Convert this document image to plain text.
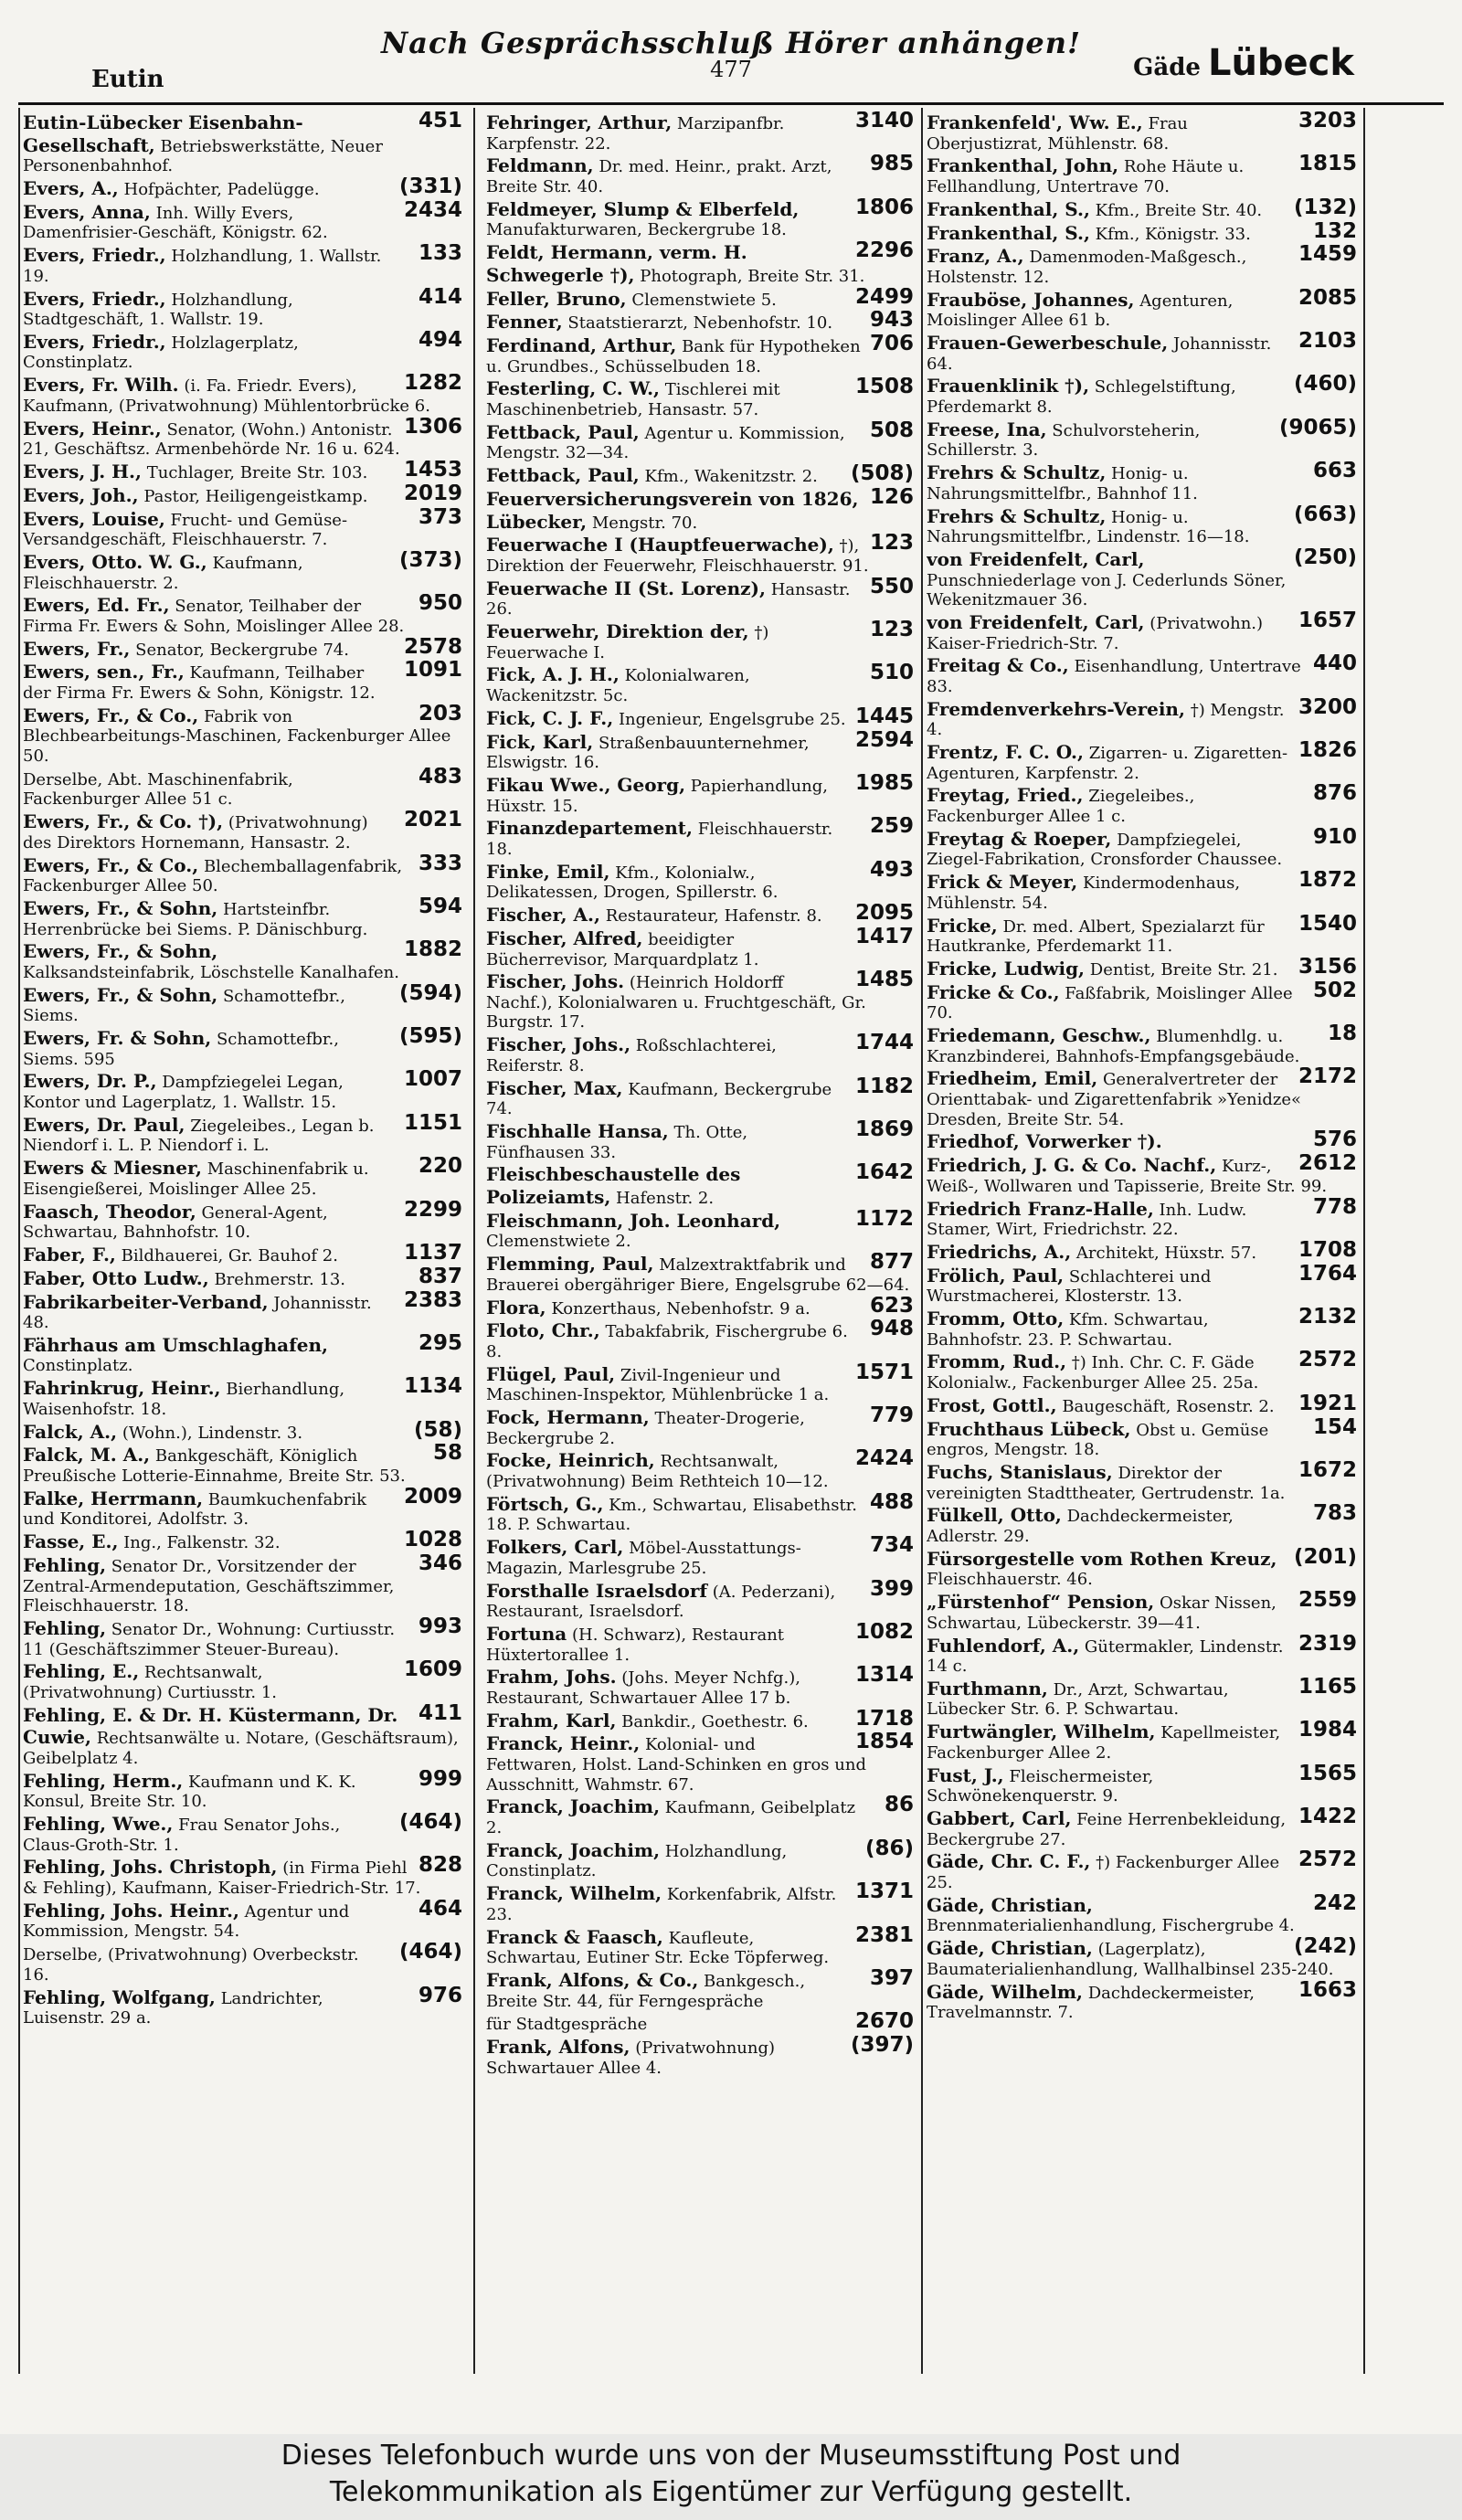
Nach Gesprächsschluß Hörer anhängen!
477
Eutin	Gäde Lübeck
451
Eutin-Lübecker Eisenbahn-Gesellschaft, Betriebswerkstätte, Neuer Personenbahnhof.
(331)
Evers, A., Hofpächter, Padelügge.
2434
Evers, Anna, Inh. Willy Evers, Damenfrisier-Geschäft, Königstr. 62.
133
Evers, Friedr., Holzhandlung, 1. Wallstr. 19.
414
Evers, Friedr., Holzhandlung, Stadtgeschäft, 1. Wallstr. 19.
494
Evers, Friedr., Holzlagerplatz, Constinplatz.
1282
Evers, Fr. Wilh. (i. Fa. Friedr. Evers), Kaufmann, (Privatwohnung) Mühlentorbrücke 6.
1306
Evers, Heinr., Senator, (Wohn.) Antonistr. 21, Geschäftsz. Armenbehörde Nr. 16 u. 624.
1453
Evers, J. H., Tuchlager, Breite Str. 103.
2019
Evers, Joh., Pastor, Heiligengeistkamp.
373
Evers, Louise, Frucht- und Gemüse-Versandgeschäft, Fleischhauerstr. 7.
(373)
Evers, Otto. W. G., Kaufmann, Fleischhauerstr. 2.
950
Ewers, Ed. Fr., Senator, Teilhaber der Firma Fr. Ewers & Sohn, Moislinger Allee 28.
2578
Ewers, Fr., Senator, Beckergrube 74.
1091
Ewers, sen., Fr., Kaufmann, Teilhaber der Firma Fr. Ewers & Sohn, Königstr. 12.
203
Ewers, Fr., & Co., Fabrik von Blechbearbeitungs-Maschinen, Fackenburger Allee 50.
483
Derselbe, Abt. Maschinenfabrik, Fackenburger Allee 51 c.
2021
Ewers, Fr., & Co. †), (Privatwohnung) des Direktors Hornemann, Hansastr. 2.
333
Ewers, Fr., & Co., Blechemballagenfabrik, Fackenburger Allee 50.
594
Ewers, Fr., & Sohn, Hartsteinfbr. Herrenbrücke bei Siems. P. Dänischburg.
1882
Ewers, Fr., & Sohn, Kalksandsteinfabrik, Löschstelle Kanalhafen.
(594)
Ewers, Fr., & Sohn, Schamottefbr., Siems.
(595)
Ewers, Fr. & Sohn, Schamottefbr., Siems. 595
1007
Ewers, Dr. P., Dampfziegelei Legan, Kontor und Lagerplatz, 1. Wallstr. 15.
1151
Ewers, Dr. Paul, Ziegeleibes., Legan b. Niendorf i. L. P. Niendorf i. L.
220
Ewers & Miesner, Maschinenfabrik u. Eisengießerei, Moislinger Allee 25.
2299
Faasch, Theodor, General-Agent, Schwartau, Bahnhofstr. 10.
1137
Faber, F., Bildhauerei, Gr. Bauhof 2.
837
Faber, Otto Ludw., Brehmerstr. 13.
2383
Fabrikarbeiter-Verband, Johannisstr. 48.
295
Fährhaus am Umschlaghafen, Constinplatz.
1134
Fahrinkrug, Heinr., Bierhandlung, Waisenhofstr. 18.
(58)
Falck, A., (Wohn.), Lindenstr. 3.
58
Falck, M. A., Bankgeschäft, Königlich Preußische Lotterie-Einnahme, Breite Str. 53.
2009
Falke, Herrmann, Baumkuchenfabrik und Konditorei, Adolfstr. 3.
1028
Fasse, E., Ing., Falkenstr. 32.
346
Fehling, Senator Dr., Vorsitzender der Zentral-Armendeputation, Geschäftszimmer, Fleischhauerstr. 18.
993
Fehling, Senator Dr., Wohnung: Curtiusstr. 11 (Geschäftszimmer Steuer-Bureau).
1609
Fehling, E., Rechtsanwalt, (Privatwohnung) Curtiusstr. 1.
411
Fehling, E. & Dr. H. Küstermann, Dr. Cuwie, Rechtsanwälte u. Notare, (Geschäftsraum), Geibelplatz 4.
999
Fehling, Herm., Kaufmann und K. K. Konsul, Breite Str. 10.
(464)
Fehling, Wwe., Frau Senator Johs., Claus-Groth-Str. 1.
828
Fehling, Johs. Christoph, (in Firma Piehl & Fehling), Kaufmann, Kaiser-Friedrich-Str. 17.
464
Fehling, Johs. Heinr., Agentur und Kommission, Mengstr. 54.
(464)
Derselbe, (Privatwohnung) Overbeckstr. 16.
976
Fehling, Wolfgang, Landrichter, Luisenstr. 29 a.
3140
Fehringer, Arthur, Marzipanfbr. Karpfenstr. 22.
985
Feldmann, Dr. med. Heinr., prakt. Arzt, Breite Str. 40.
1806
Feldmeyer, Slump & Elberfeld, Manufakturwaren, Beckergrube 18.
2296
Feldt, Hermann, verm. H. Schwegerle †), Photograph, Breite Str. 31.
2499
Feller, Bruno, Clemenstwiete 5.
943
Fenner, Staatstierarzt, Nebenhofstr. 10.
706
Ferdinand, Arthur, Bank für Hypotheken u. Grundbes., Schüsselbuden 18.
1508
Festerling, C. W., Tischlerei mit Maschinenbetrieb, Hansastr. 57.
508
Fettback, Paul, Agentur u. Kommission, Mengstr. 32—34.
(508)
Fettback, Paul, Kfm., Wakenitzstr. 2.
126
Feuerversicherungsverein von 1826, Lübecker, Mengstr. 70.
123
Feuerwache I (Hauptfeuerwache), †), Direktion der Feuerwehr, Fleischhauerstr. 91.
550
Feuerwache II (St. Lorenz), Hansastr. 26.
123
Feuerwehr, Direktion der, †) Feuerwache I.
510
Fick, A. J. H., Kolonialwaren, Wackenitzstr. 5c.
1445
Fick, C. J. F., Ingenieur, Engelsgrube 25.
2594
Fick, Karl, Straßenbauunternehmer, Elswigstr. 16.
1985
Fikau Wwe., Georg, Papierhandlung, Hüxstr. 15.
259
Finanzdepartement, Fleischhauerstr. 18.
493
Finke, Emil, Kfm., Kolonialw., Delikatessen, Drogen, Spillerstr. 6.
2095
Fischer, A., Restaurateur, Hafenstr. 8.
1417
Fischer, Alfred, beeidigter Bücherrevisor, Marquardplatz 1.
1485
Fischer, Johs. (Heinrich Holdorff Nachf.), Kolonialwaren u. Fruchtgeschäft, Gr. Burgstr. 17.
1744
Fischer, Johs., Roßschlachterei, Reiferstr. 8.
1182
Fischer, Max, Kaufmann, Beckergrube 74.
1869
Fischhalle Hansa, Th. Otte, Fünfhausen 33.
1642
Fleischbeschaustelle des Polizeiamts, Hafenstr. 2.
1172
Fleischmann, Joh. Leonhard, Clemenstwiete 2.
877
Flemming, Paul, Malzextraktfabrik und Brauerei obergähriger Biere, Engelsgrube 62—64.
623
Flora, Konzerthaus, Nebenhofstr. 9 a.
948
Floto, Chr., Tabakfabrik, Fischergrube 6. 8.
1571
Flügel, Paul, Zivil-Ingenieur und Maschinen-Inspektor, Mühlenbrücke 1 a.
779
Fock, Hermann, Theater-Drogerie, Beckergrube 2.
2424
Focke, Heinrich, Rechtsanwalt, (Privatwohnung) Beim Rethteich 10—12.
488
Förtsch, G., Km., Schwartau, Elisabethstr. 18. P. Schwartau.
734
Folkers, Carl, Möbel-Ausstattungs-Magazin, Marlesgrube 25.
399
Forsthalle Israelsdorf (A. Pederzani), Restaurant, Israelsdorf.
1082
Fortuna (H. Schwarz), Restaurant Hüxtertorallee 1.
1314
Frahm, Johs. (Johs. Meyer Nchfg.), Restaurant, Schwartauer Allee 17 b.
1718
Frahm, Karl, Bankdir., Goethestr. 6.
1854
Franck, Heinr., Kolonial- und Fettwaren, Holst. Land-Schinken en gros und Ausschnitt, Wahmstr. 67.
86
Franck, Joachim, Kaufmann, Geibelplatz 2.
(86)
Franck, Joachim, Holzhandlung, Constinplatz.
1371
Franck, Wilhelm, Korkenfabrik, Alfstr. 23.
2381
Franck & Faasch, Kaufleute, Schwartau, Eutiner Str. Ecke Töpferweg.
397
Frank, Alfons, & Co., Bankgesch., Breite Str. 44, für Ferngespräche
2670
für Stadtgespräche
(397)
Frank, Alfons, (Privatwohnung) Schwartauer Allee 4.
3203
Frankenfeld', Ww. E., Frau Oberjustizrat, Mühlenstr. 68.
1815
Frankenthal, John, Rohe Häute u. Fellhandlung, Untertrave 70.
(132)
Frankenthal, S., Kfm., Breite Str. 40.
132
Frankenthal, S., Kfm., Königstr. 33.
1459
Franz, A., Damenmoden-Maßgesch., Holstenstr. 12.
2085
Frauböse, Johannes, Agenturen, Moislinger Allee 61 b.
2103
Frauen-Gewerbeschule, Johannisstr. 64.
(460)
Frauenklinik †), Schlegelstiftung, Pferdemarkt 8.
(9065)
Freese, Ina, Schulvorsteherin, Schillerstr. 3.
663
Frehrs & Schultz, Honig- u. Nahrungsmittelfbr., Bahnhof 11.
(663)
Frehrs & Schultz, Honig- u. Nahrungsmittelfbr., Lindenstr. 16—18.
(250)
von Freidenfelt, Carl, Punschniederlage von J. Cederlunds Söner, Wekenitzmauer 36.
1657
von Freidenfelt, Carl, (Privatwohn.) Kaiser-Friedrich-Str. 7.
440
Freitag & Co., Eisenhandlung, Untertrave 83.
3200
Fremdenverkehrs-Verein, †) Mengstr. 4.
1826
Frentz, F. C. O., Zigarren- u. Zigaretten-Agenturen, Karpfenstr. 2.
876
Freytag, Fried., Ziegeleibes., Fackenburger Allee 1 c.
910
Freytag & Roeper, Dampfziegelei, Ziegel-Fabrikation, Cronsforder Chaussee.
1872
Frick & Meyer, Kindermodenhaus, Mühlenstr. 54.
1540
Fricke, Dr. med. Albert, Spezialarzt für Hautkranke, Pferdemarkt 11.
3156
Fricke, Ludwig, Dentist, Breite Str. 21.
502
Fricke & Co., Faßfabrik, Moislinger Allee 70.
18
Friedemann, Geschw., Blumenhdlg. u. Kranzbinderei, Bahnhofs-Empfangsgebäude.
2172
Friedheim, Emil, Generalvertreter der Orienttabak- und Zigarettenfabrik »Yenidze« Dresden, Breite Str. 54.
576
Friedhof, Vorwerker †).
2612
Friedrich, J. G. & Co. Nachf., Kurz-, Weiß-, Wollwaren und Tapisserie, Breite Str. 99.
778
Friedrich Franz-Halle, Inh. Ludw. Stamer, Wirt, Friedrichstr. 22.
1708
Friedrichs, A., Architekt, Hüxstr. 57.
1764
Frölich, Paul, Schlachterei und Wurstmacherei, Klosterstr. 13.
2132
Fromm, Otto, Kfm. Schwartau, Bahnhofstr. 23. P. Schwartau.
2572
Fromm, Rud., †) Inh. Chr. C. F. Gäde Kolonialw., Fackenburger Allee 25. 25a.
1921
Frost, Gottl., Baugeschäft, Rosenstr. 2.
154
Fruchthaus Lübeck, Obst u. Gemüse engros, Mengstr. 18.
1672
Fuchs, Stanislaus, Direktor der vereinigten Stadttheater, Gertrudenstr. 1a.
783
Fülkell, Otto, Dachdeckermeister, Adlerstr. 29.
(201)
Fürsorgestelle vom Rothen Kreuz, Fleischhauerstr. 46.
2559
„Fürstenhof“ Pension, Oskar Nissen, Schwartau, Lübeckerstr. 39—41.
2319
Fuhlendorf, A., Gütermakler, Lindenstr. 14 c.
1165
Furthmann, Dr., Arzt, Schwartau, Lübecker Str. 6. P. Schwartau.
1984
Furtwängler, Wilhelm, Kapellmeister, Fackenburger Allee 2.
1565
Fust, J., Fleischermeister, Schwönekenquerstr. 9.
1422
Gabbert, Carl, Feine Herrenbekleidung, Beckergrube 27.
2572
Gäde, Chr. C. F., †) Fackenburger Allee 25.
242
Gäde, Christian, Brennmaterialienhandlung, Fischergrube 4.
(242)
Gäde, Christian, (Lagerplatz), Baumaterialienhandlung, Wallhalbinsel 235-240.
1663
Gäde, Wilhelm, Dachdeckermeister, Travelmannstr. 7.
Dieses Telefonbuch wurde uns von der Museumsstiftung Post und
Telekommunikation als Eigentümer zur Verfügung gestellt.
